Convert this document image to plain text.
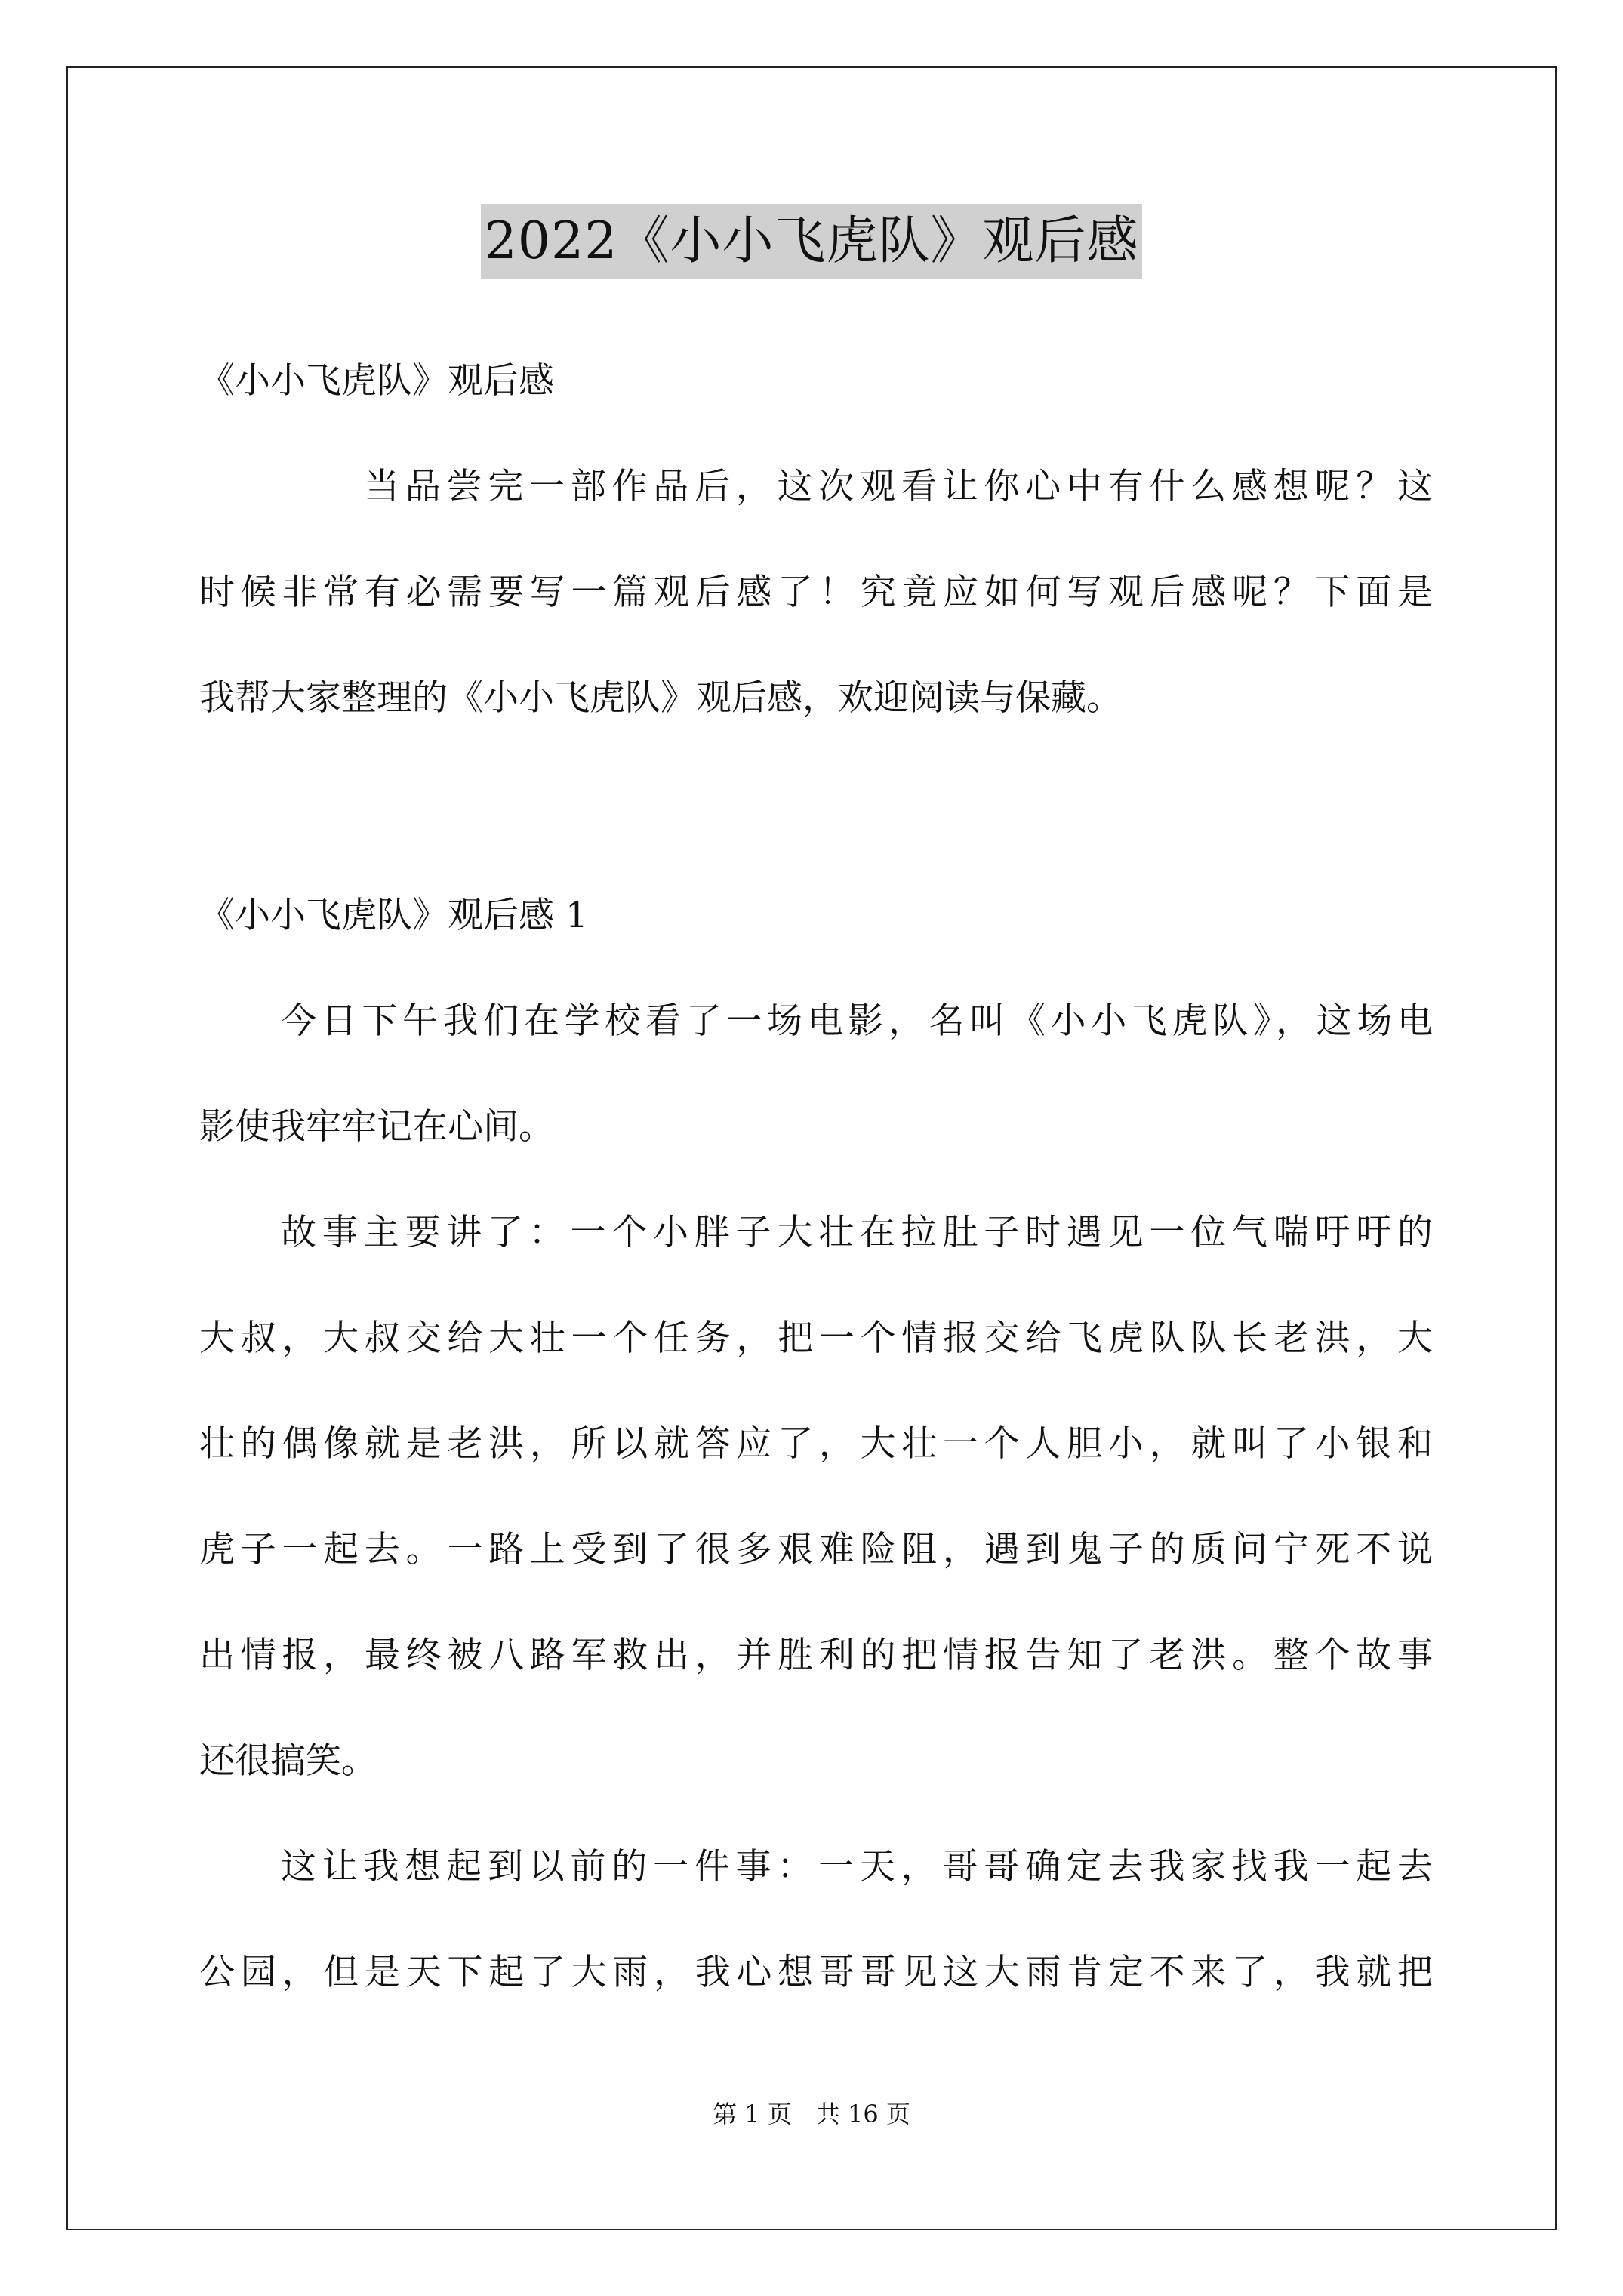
2022《小小飞虎队》观后感
《小小飞虎队》观后感
当品尝完一部作品后，这次观看让你心中有什么感想呢？这
时候非常有必需要写一篇观后感了！究竟应如何写观后感呢？下面是
我帮大家整理的《小小飞虎队》观后感，欢迎阅读与保藏。
《小小飞虎队》观后感 1
今日下午我们在学校看了一场电影，名叫《小小飞虎队》，这场电
影使我牢牢记在心间。
故事主要讲了：一个小胖子大壮在拉肚子时遇见一位气喘吁吁的
大叔，大叔交给大壮一个任务，把一个情报交给飞虎队队长老洪，大
壮的偶像就是老洪，所以就答应了，大壮一个人胆小，就叫了小银和
虎子一起去。一路上受到了很多艰难险阻，遇到鬼子的质问宁死不说
出情报，最终被八路军救出，并胜利的把情报告知了老洪。整个故事
还很搞笑。
这让我想起到以前的一件事：一天，哥哥确定去我家找我一起去
公园，但是天下起了大雨，我心想哥哥见这大雨肯定不来了，我就把
第 1 页　共 16 页
